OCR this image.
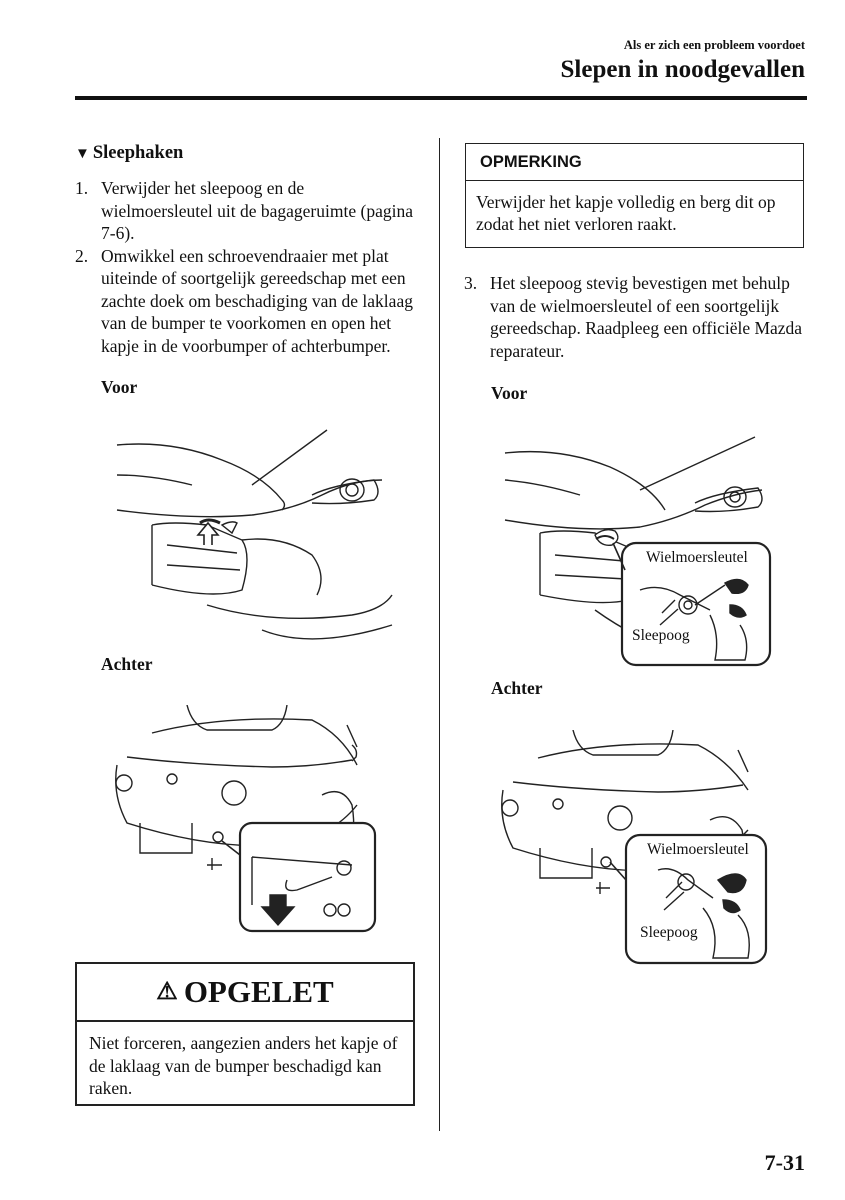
Als er zich een probleem voordoet
Slepen in noodgevallen
▼ Sleephaken
1. Verwijder het sleepoog en de wielmoersleutel uit de bagageruimte (pagina 7-6).
2. Omwikkel een schroevendraaier met plat uiteinde of soortgelijk gereedschap met een zachte doek om beschadiging van de laklaag van de bumper te voorkomen en open het kapje in de voorbumper of achterbumper.
Voor
Achter
⚠ OPGELET
Niet forceren, aangezien anders het kapje of de laklaag van de bumper beschadigd kan raken.
OPMERKING
Verwijder het kapje volledig en berg dit op zodat het niet verloren raakt.
3. Het sleepoog stevig bevestigen met behulp van de wielmoersleutel of een soortgelijk gereedschap. Raadpleeg een officiële Mazda reparateur.
Voor
Wielmoersleutel
Sleepoog
Achter
Wielmoersleutel
Sleepoog
7-31
